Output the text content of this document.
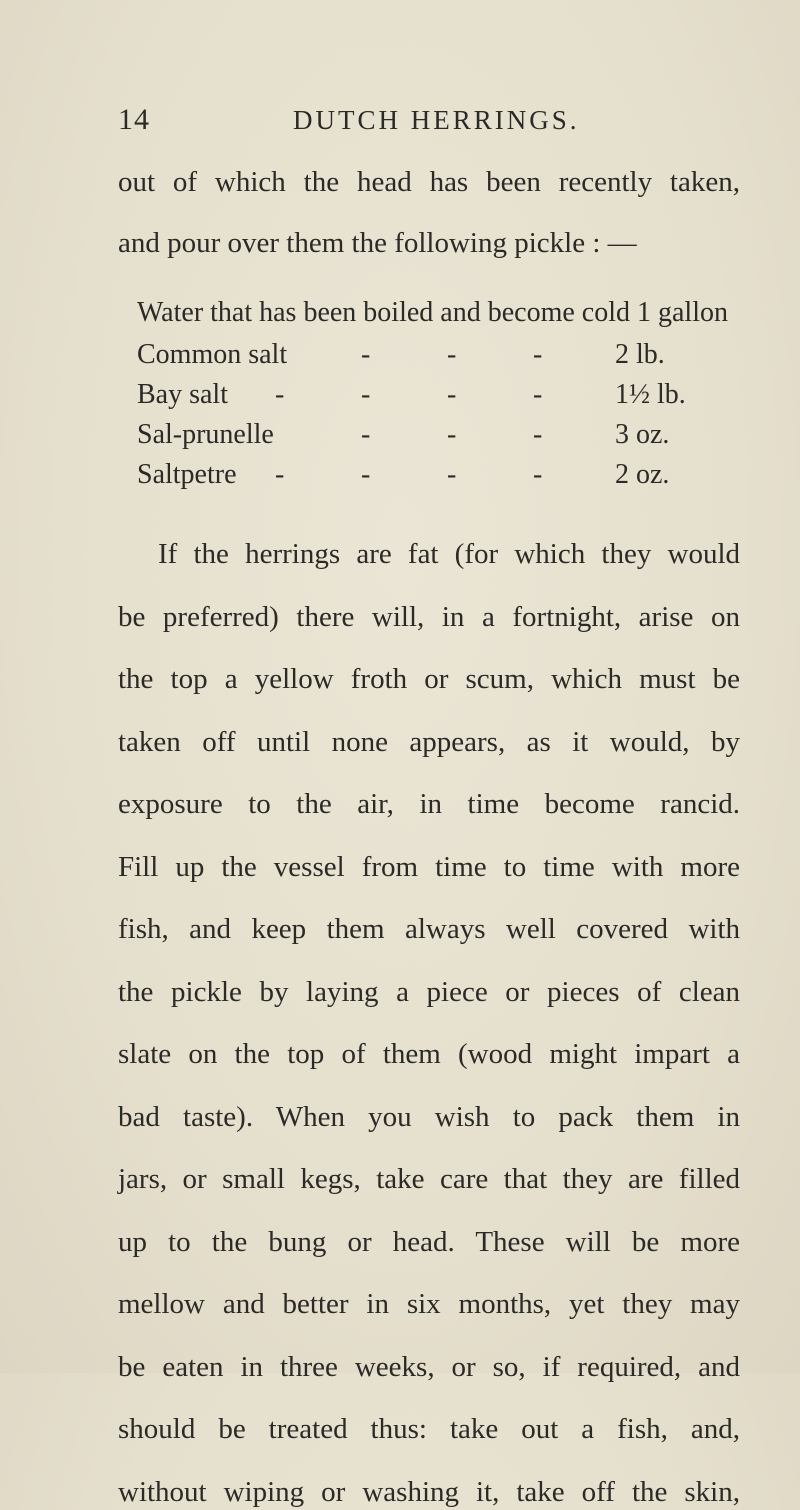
14	DUTCH HERRINGS.
out of which the head has been recently taken,
and pour over them the following pickle : —
Water that has been boiled and become cold 1 gallon
Common salt	-	-	-	2 lb.
Bay salt -	-	-	-	1½ lb.
Sal-prunelle	-	-	-	3 oz.
Saltpetre -	-	-	-	2 oz.
If the herrings are fat (for which they would
be preferred) there will, in a fortnight, arise on
the top a yellow froth or scum, which must be
taken off until none appears, as it would, by
exposure to the air, in time become rancid.
Fill up the vessel from time to time with more
fish, and keep them always well covered with
the pickle by laying a piece or pieces of clean
slate on the top of them (wood might impart a
bad taste). When you wish to pack them in
jars, or small kegs, take care that they are filled
up to the bung or head. These will be more
mellow and better in six months, yet they may
be eaten in three weeks, or so, if required, and
should be treated thus: take out a fish, and,
without wiping or washing it, take off the skin,
